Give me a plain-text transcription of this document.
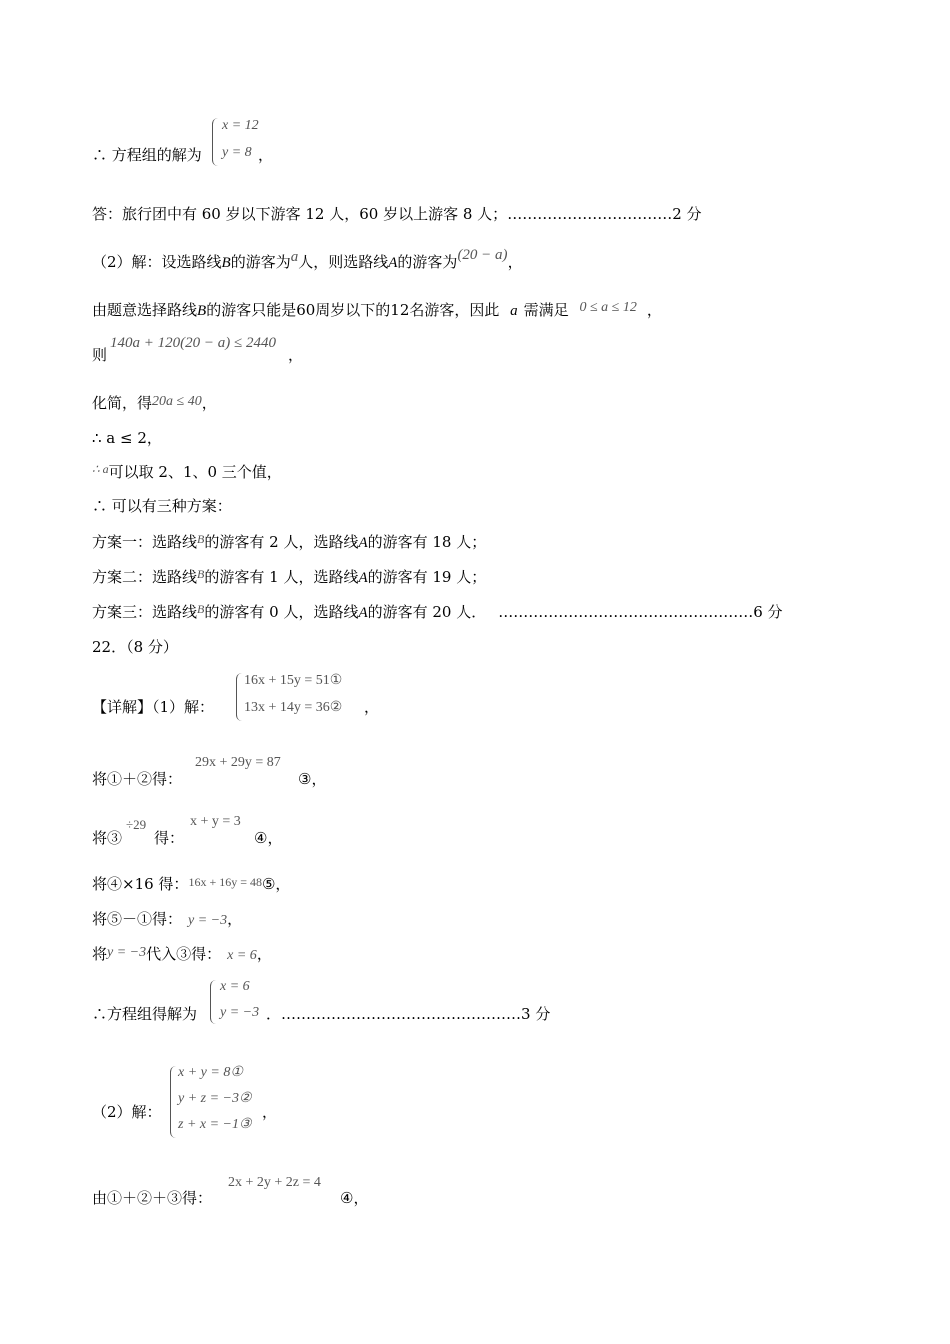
x = 12
y = 8
∴ 方程组的解为	，
答：旅行团中有 60 岁以下游客 12 人，60 岁以上游客 8 人；……………………………2 分
（2）解：设选路线B的游客为a人，则选路线A的游客为(20 − a)，
由题意选择路线B的游客只能是60周岁以下的12名游客，因此 a 需满足 0 ≤ a ≤ 12 ，
140a + 120(20 − a) ≤ 2440
则	，
化简，得20a ≤ 40，
∴ a ≤ 2，
$^{\therefore a}$可以取 2、1、0 三个值，
∴ 可以有三种方案：
方案一：选路线$^B$的游客有 2 人，选路线A的游客有 18 人；
方案二：选路线$^B$的游客有 1 人，选路线A的游客有 19 人；
方案三：选路线$^B$的游客有 0 人，选路线A的游客有 20 人． ……………………………………………6 分
22．（8 分）
16x + 15y = 51①
13x + 14y = 36②
【详解】（1）解：	，
29x + 29y = 87
将①＋②得：	③，
÷29	x + y = 3
将③ 得：	④，
将④×16 得：$^{16x + 16y = 48}$⑤，
将⑤－①得： y = −3，
将y = −3代入③得： x = 6，
x = 6
y = −3
∴方程组得解为	．…………………………………………3 分
x + y = 8①
y + z = −3②
z + x = −1③
（2）解：	，
2x + 2y + 2z = 4
由①＋②＋③得：	④，
